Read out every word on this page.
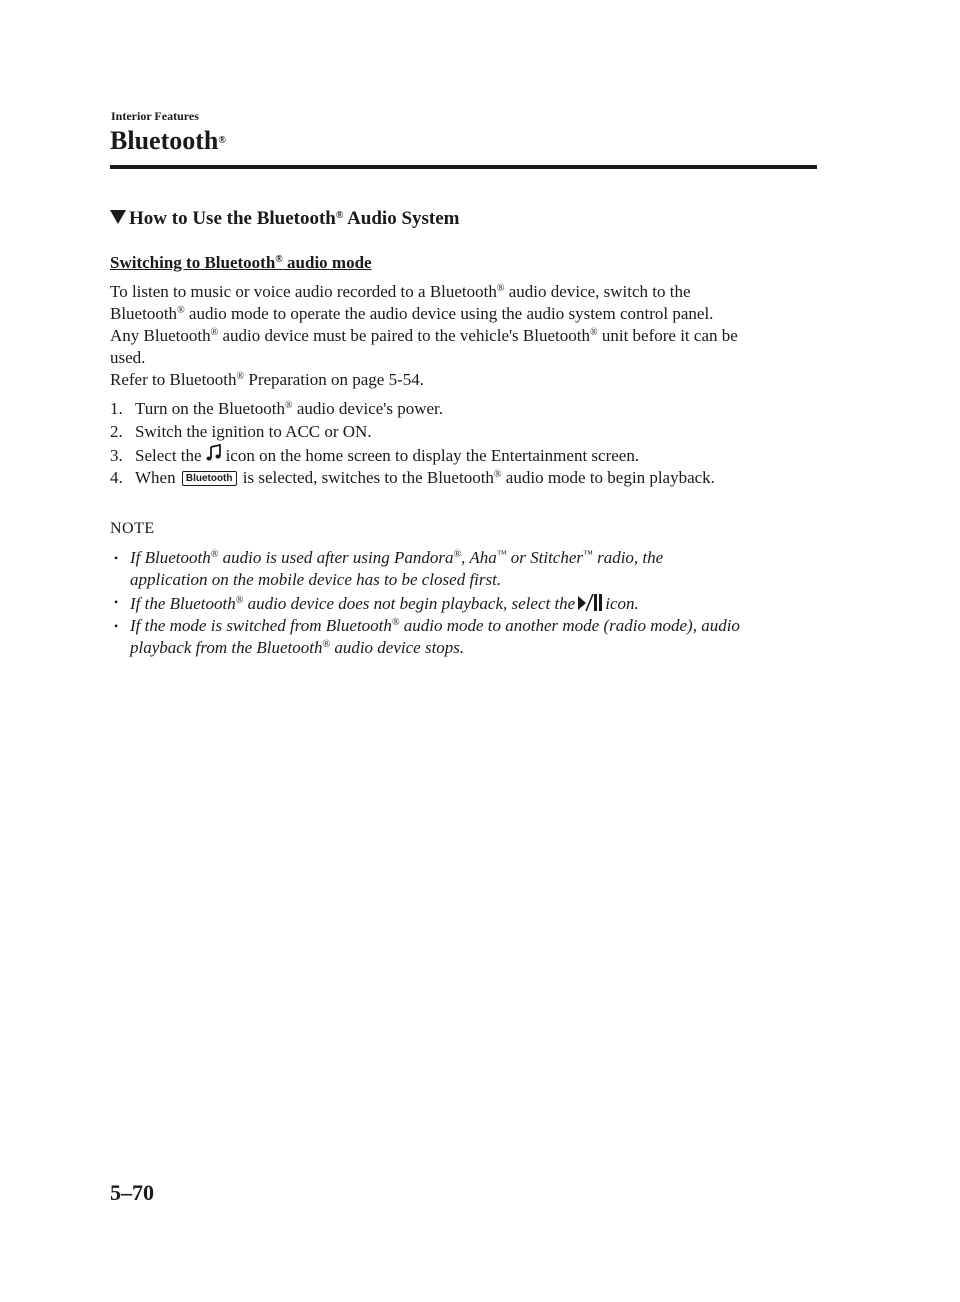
Interior Features
Bluetooth®
How to Use the Bluetooth® Audio System
Switching to Bluetooth® audio mode
To listen to music or voice audio recorded to a Bluetooth® audio device, switch to the
Bluetooth® audio mode to operate the audio device using the audio system control panel.
Any Bluetooth® audio device must be paired to the vehicle's Bluetooth® unit before it can be
used.
Refer to Bluetooth® Preparation on page 5-54.
1. Turn on the Bluetooth® audio device's power.
2. Switch the ignition to ACC or ON.
3. Select the icon on the home screen to display the Entertainment screen.
4. When Bluetooth is selected, switches to the Bluetooth® audio mode to begin playback.
NOTE
• If Bluetooth® audio is used after using Pandora®, Aha™ or Stitcher™ radio, the
application on the mobile device has to be closed first.
• If the Bluetooth® audio device does not begin playback, select the icon.
• If the mode is switched from Bluetooth® audio mode to another mode (radio mode), audio
playback from the Bluetooth® audio device stops.
5–70
